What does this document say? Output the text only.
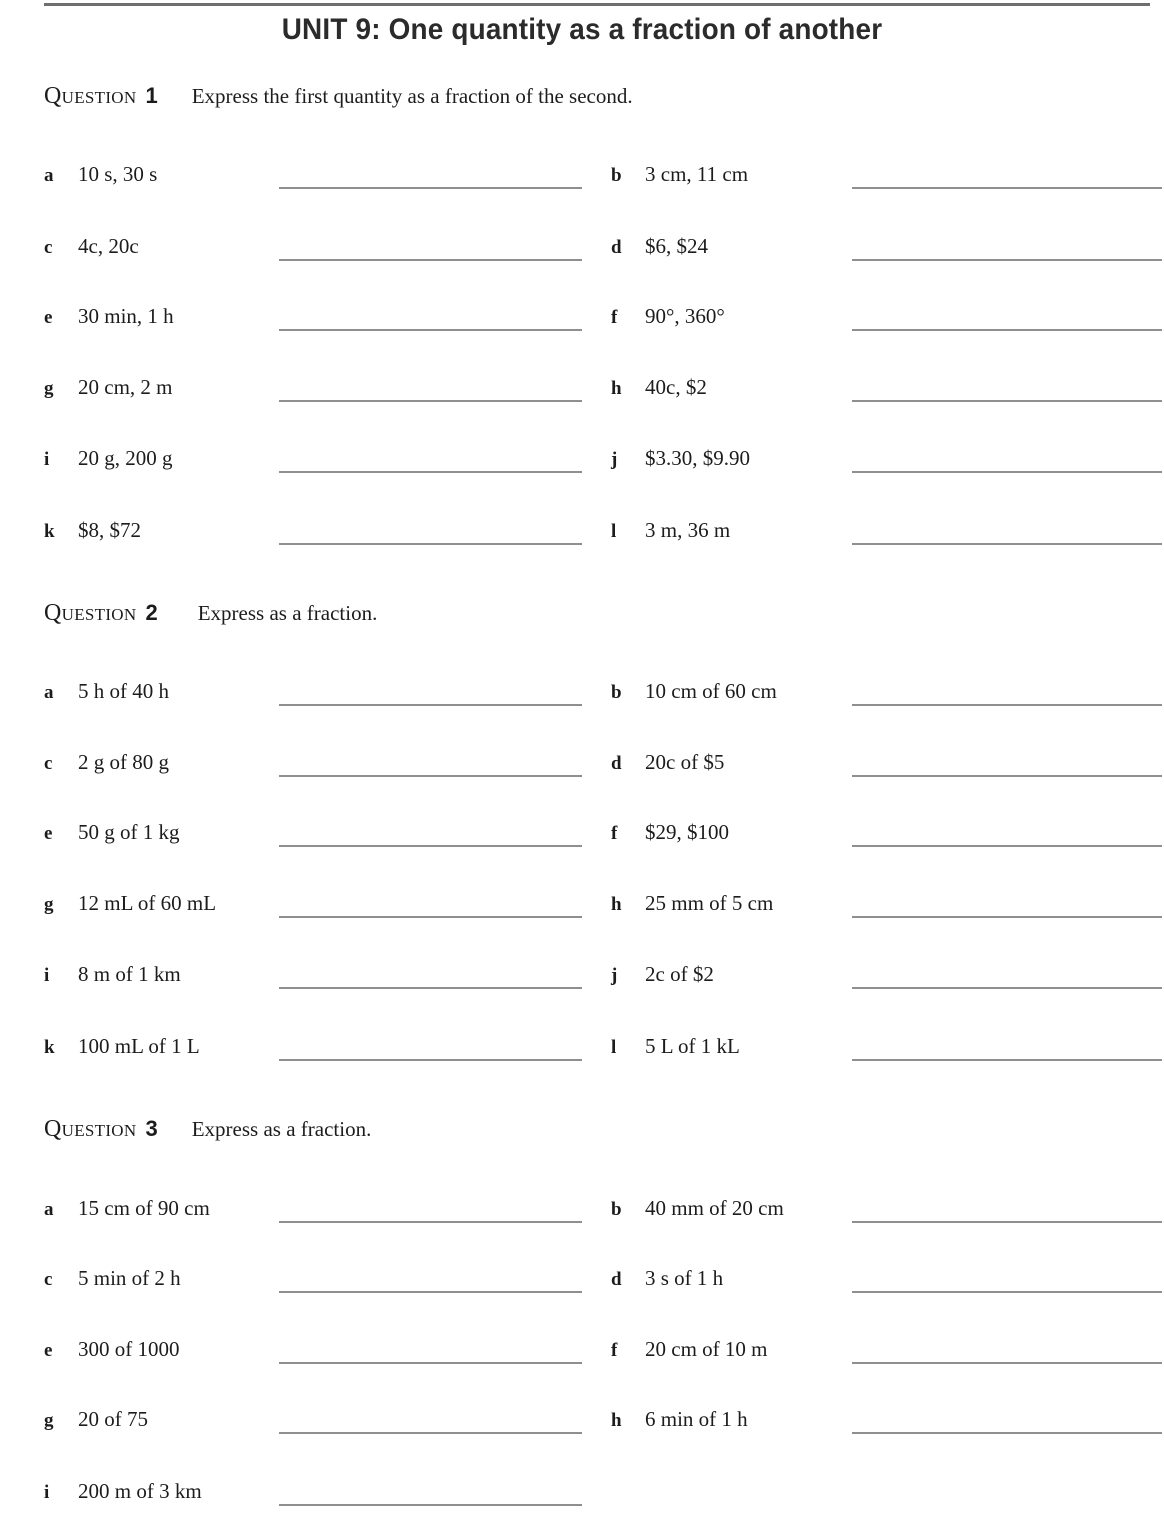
UNIT 9: One quantity as a fraction of another
QUESTION 1 Express the first quantity as a fraction of the second.
a	10 s, 30 s	b	3 cm, 11 cm
c	4c, 20c	d	$6, $24
e	30 min, 1 h	f	90°, 360°
g	20 cm, 2 m	h	40c, $2
i	20 g, 200 g	j	$3.30, $9.90
k	$8, $72	l	3 m, 36 m
QUESTION 2 Express as a fraction.
a	5 h of 40 h	b	10 cm of 60 cm
c	2 g of 80 g	d	20c of $5
e	50 g of 1 kg	f	$29, $100
g	12 mL of 60 mL	h	25 mm of 5 cm
i	8 m of 1 km	j	2c of $2
k	100 mL of 1 L	l	5 L of 1 kL
QUESTION 3 Express as a fraction.
a	15 cm of 90 cm	b	40 mm of 20 cm
c	5 min of 2 h	d	3 s of 1 h
e	300 of 1000	f	20 cm of 10 m
g	20 of 75	h	6 min of 1 h
i	200 m of 3 km
